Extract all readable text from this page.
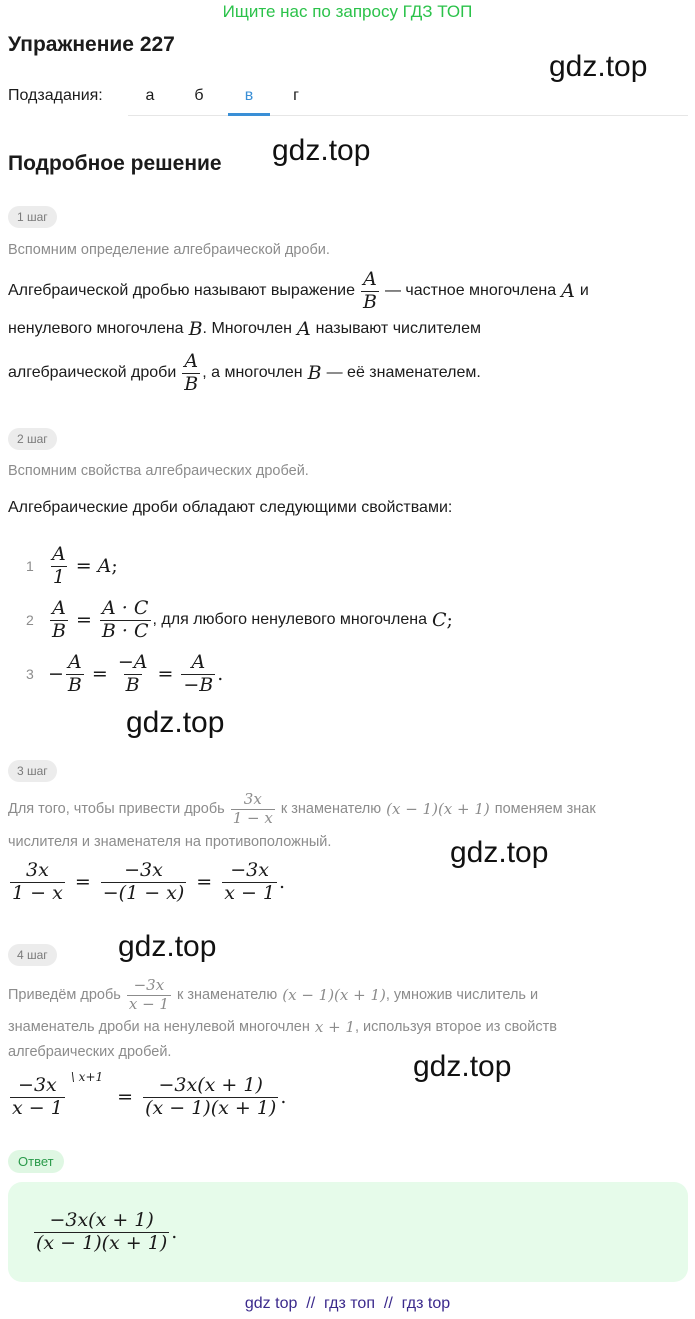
Ищите нас по запросу ГДЗ ТОП
Упражнение 227
gdz.top
Подзадания:	а	б	в	г
Подробное решение gdz.top
1 шаг
Вспомним определение алгебраической дроби.
Алгебраической дробью называют выражение $\frac{A}{B}$ — частное многочлена A и
ненулевого многочлена B . Многочлен A называют числителем
алгебраической дроби $\frac{A}{B}$ , а многочлен B — её знаменателем.
2 шаг
Вспомним свойства алгебраических дробей.
Алгебраические дроби обладают следующими свойствами:
$1 \frac{A}{1} = A$ ;
$2 \frac{A}{B} = \frac{A \cdot C}{B \cdot C}$ , для любого ненулевого многочлена C ;
$3 - \frac{A}{B} = \frac{-A}{B} = \frac{A}{-B}$ .
gdz.top
3 шаг
Для того, чтобы привести дробь $\frac{3x}{1 - x}$ к знаменателю (x − 1)(x + 1) поменяем знак
числителя и знаменателя на противоположный.	gdz.top
$\frac{3x}{1 - x} = \frac{-3x}{-(1 - x)} = \frac{-3x}{x - 1}$ .
4 шаг	gdz.top
Приведём дробь $\frac{-3x}{x - 1}$ к знаменателю (x − 1)(x + 1) , умножив числитель и
знаменатель дроби на ненулевой многочлен x + 1 , используя второе из свойств
алгебраических дробей.	gdz.top
$\frac{-3x}{x - 1}$ \ x+1
= $\frac{-3x(x + 1)}{(x - 1)(x + 1)}$ .
Ответ
$\frac{-3x(x + 1)}{(x - 1)(x + 1)}$ .
gdz top  //  гдз топ  //  гдз top
